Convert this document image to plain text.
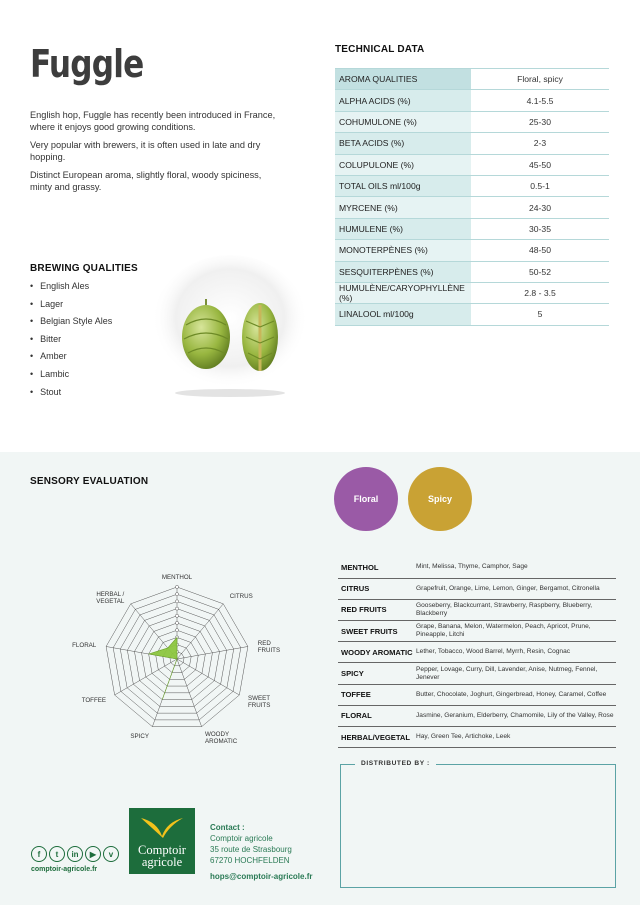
Fuggle

English hop, Fuggle has recently been introduced in France, where it enjoys good growing conditions.

Very popular with brewers, it is often used in late and dry hopping.

Distinct European aroma, slightly floral, woody spiciness, minty and grassy.

TECHNICAL DATA
AROMA QUALITIES	Floral, spicy
ALPHA ACIDS (%)	4.1-5.5
COHUMULONE (%)	25-30
BETA ACIDS (%)	2-3
COLUPULONE (%)	45-50
TOTAL OILS ml/100g	0.5-1
MYRCENE (%)	24-30
HUMULENE (%)	30-35
MONOTERPÈNES (%)	48-50
SESQUITERPÈNES (%)	50-52
HUMULÈNE/CARYOPHYLLÈNE (%)	2.8 - 3.5
LINALOOL ml/100g	5
BREWING QUALITIES
• English Ales
• Lager
• Belgian Style Ales
• Bitter
• Amber
• Lambic
• Stout
SENSORY EVALUATION
Floral	Spicy
MENTHOL
CITRUS
RED FRUITS
SWEET FRUITS
WOODY AROMATIC
SPICY
TOFFEE
FLORAL
HERBAL / VEGETAL
MENTHOL	Mint, Melissa, Thyme, Camphor, Sage
CITRUS	Grapefruit, Orange, Lime, Lemon, Ginger, Bergamot, Citronella
RED FRUITS	Gooseberry, Blackcurrant, Strawberry, Raspberry, Blueberry, Blackberry
SWEET FRUITS	Grape, Banana, Melon, Watermelon, Peach, Apricot, Prune, Pineapple, Litchi
WOODY AROMATIC	Lether, Tobacco, Wood Barrel, Myrrh, Resin, Cognac
SPICY	Pepper, Lovage, Curry, Dill, Lavender, Anise, Nutmeg, Fennel, Jenever
TOFFEE	Butter, Chocolate, Joghurt, Gingerbread, Honey, Caramel, Coffee
FLORAL	Jasmine, Geranium, Elderberry, Chamomile, Lily of the Valley, Rose
HERBAL/VEGETAL	Hay, Green Tee, Artichoke, Leek
DISTRIBUTED BY :
f	t	in	▶	v
comptoir-agricole.fr
Comptoir
agricole
Contact :
Comptoir agricole
35 route de Strasbourg
67270 HOCHFELDEN
hops@comptoir-agricole.fr
